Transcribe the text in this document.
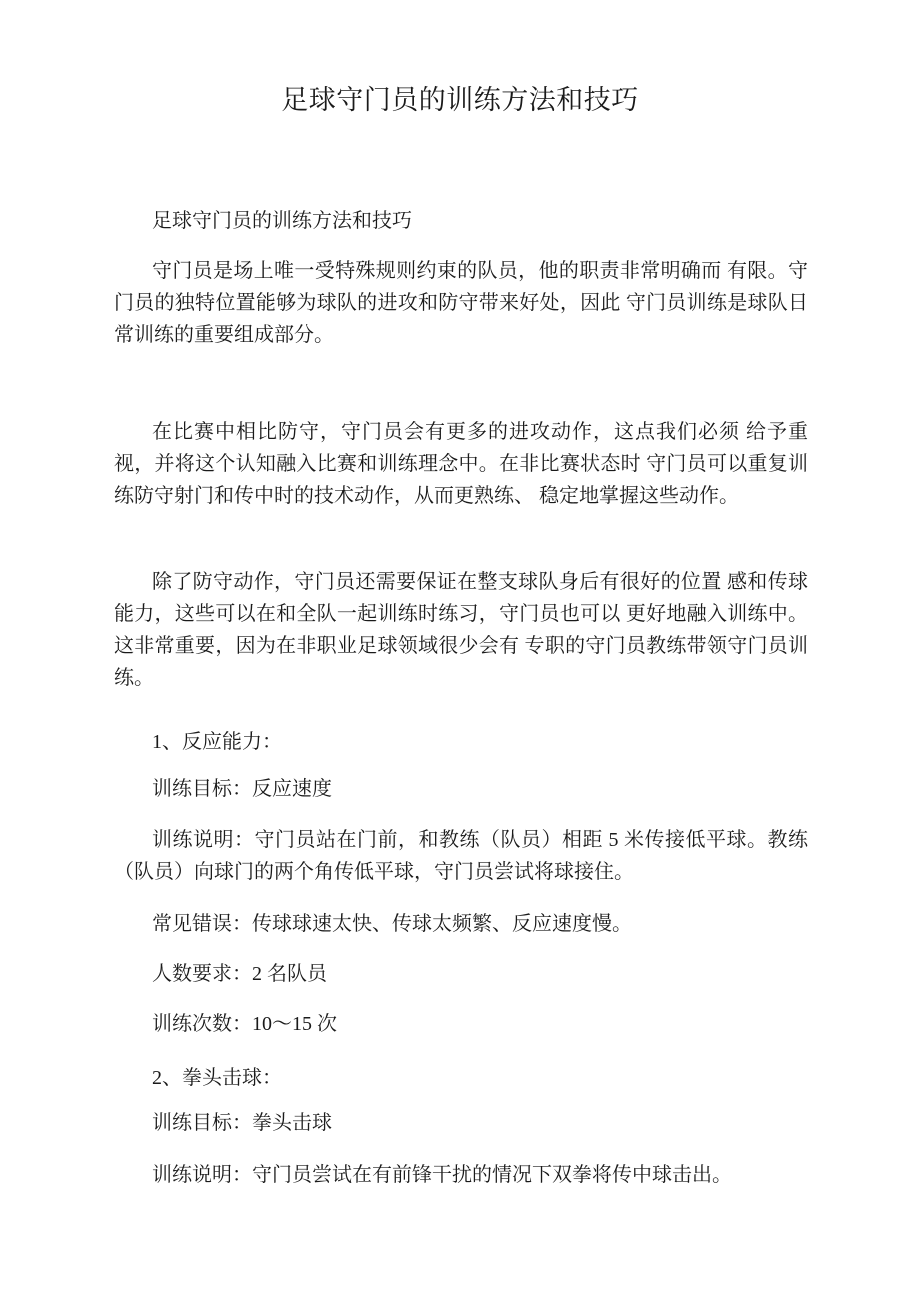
足球守门员的训练方法和技巧

足球守门员的训练方法和技巧

守门员是场上唯一受特殊规则约束的队员，他的职责非常明确而 有限。守门员的独特位置能够为球队的进攻和防守带来好处，因此 守门员训练是球队日常训练的重要组成部分。

在比赛中相比防守，守门员会有更多的进攻动作，这点我们必须 给予重视，并将这个认知融入比赛和训练理念中。在非比赛状态时 守门员可以重复训练防守射门和传中时的技术动作，从而更熟练、 稳定地掌握这些动作。

除了防守动作，守门员还需要保证在整支球队身后有很好的位置 感和传球能力，这些可以在和全队一起训练时练习，守门员也可以 更好地融入训练中。这非常重要，因为在非职业足球领域很少会有 专职的守门员教练带领守门员训练。

1、反应能力：

训练目标：反应速度

训练说明：守门员站在门前，和教练（队员）相距 5 米传接低平球。教练（队员）向球门的两个角传低平球，守门员尝试将球接住。

常见错误：传球球速太快、传球太频繁、反应速度慢。

人数要求：2 名队员

训练次数：10～15 次

2、拳头击球：

训练目标：拳头击球

训练说明：守门员尝试在有前锋干扰的情况下双拳将传中球击出。
